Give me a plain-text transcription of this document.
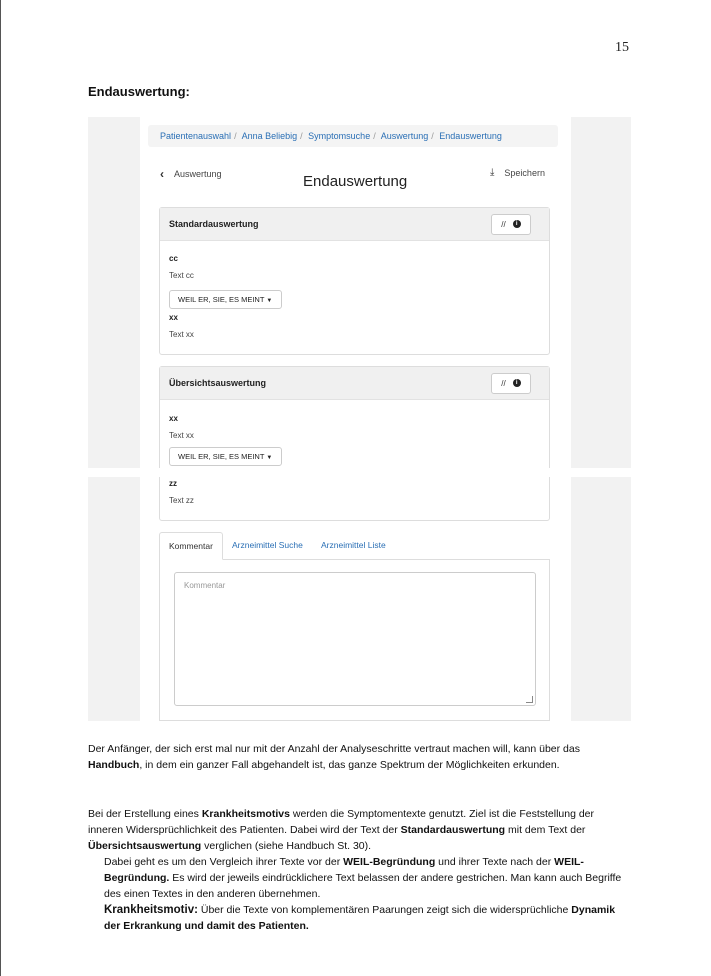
15
Endauswertung:
Patientenauswahl / Anna Beliebig / Symptomsuche / Auswertung / Endauswertung
‹ Auswertung	Endauswertung
⤓ Speichern
Standardauswertung	//	i
cc
Text cc
WEIL ER, SIE, ES MEINT ▼
xx
Text xx
Übersichtsauswertung	//	i
xx
Text xx
WEIL ER, SIE, ES MEINT ▼
zz
Text zz
Kommentar	Arzneimittel Suche Arzneimittel Liste
Kommentar
Der Anfänger, der sich erst mal nur mit der Anzahl der Analyseschritte vertraut machen will, kann über das Handbuch, in dem ein ganzer Fall abgehandelt ist, das ganze Spektrum der Möglichkeiten erkunden.
Bei der Erstellung eines Krankheitsmotivs werden die Symptomentexte genutzt. Ziel ist die Feststellung der inneren Widersprüchlichkeit des Patienten. Dabei wird der Text der Standardauswertung mit dem Text der Übersichtsauswertung verglichen (siehe Handbuch St. 30).
Dabei geht es um den Vergleich ihrer Texte vor der WEIL-Begründung und ihrer Texte nach der WEIL- Begründung. Es wird der jeweils eindrücklichere Text belassen der andere gestrichen. Man kann auch Begriffe des einen Textes in den anderen übernehmen.
Krankheitsmotiv: Über die Texte von komplementären Paarungen zeigt sich die widersprüchliche Dynamik der Erkrankung und damit des Patienten.
